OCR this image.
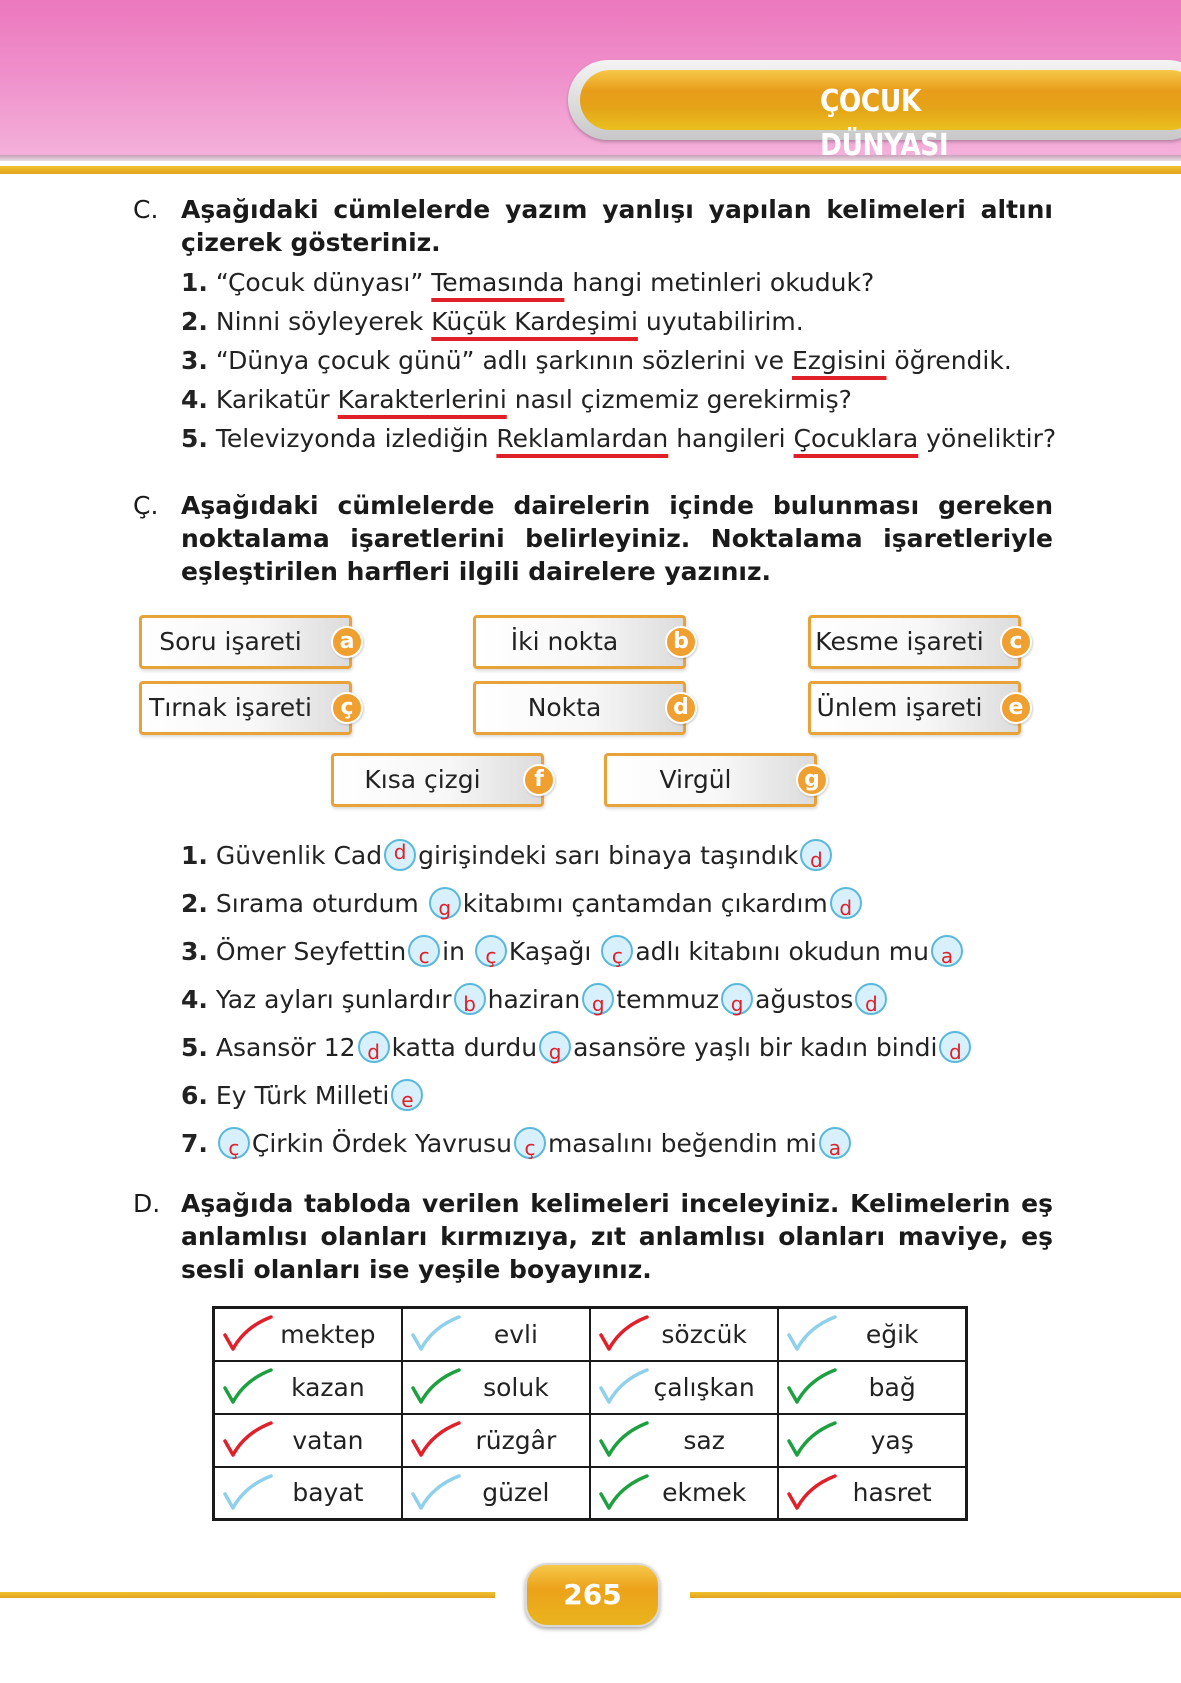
ÇOCUK DÜNYASI
C. Aşağıdaki cümlelerde yazım yanlışı yapılan kelimeleri altını çizerek gösteriniz.
1. “Çocuk dünyası” Temasında hangi metinleri okuduk?
2. Ninni söyleyerek Küçük Kardeşimi uyutabilirim.
3. “Dünya çocuk günü” adlı şarkının sözlerini ve Ezgisini öğrendik.
4. Karikatür Karakterlerini nasıl çizmemiz gerekirmiş?
5. Televizyonda izlediğin Reklamlardan hangileri Çocuklara yöneliktir?
Ç. Aşağıdaki cümlelerde dairelerin içinde bulunması gereken noktalama işaretlerini belirleyiniz. Noktalama işaretleriyle eşleştirilen harfleri ilgili dairelere yazınız.
Soru işareti	a	İki nokta	b	Kesme işareti	c
Tırnak işareti	ç	Nokta	d	Ünlem işareti	e
Kısa çizgi	f	Virgül	g
1. Güvenlik Cad d girişindeki sarı binaya taşındık d
2. Sırama oturdum g kitabımı çantamdan çıkardım d
3. Ömer Seyfettin c in ç Kaşağı ç adlı kitabını okudun mu a
4. Yaz ayları şunlardır b haziran g temmuz g ağustos d
5. Asansör 12 d katta durdu g asansöre yaşlı bir kadın bindi d
6. Ey Türk Milleti e
7. ç Çirkin Ördek Yavrusu ç masalını beğendin mi a
D. Aşağıda tabloda verilen kelimeleri inceleyiniz. Kelimelerin eş anlamlısı olanları kırmızıya, zıt anlamlısı olanları maviye, eş sesli olanları ise yeşile boyayınız.
mektep	evli	sözcük	eğik

kazan	soluk	çalışkan	bağ

vatan	rüzgâr	saz	yaş

bayat	güzel	ekmek	hasret
265
